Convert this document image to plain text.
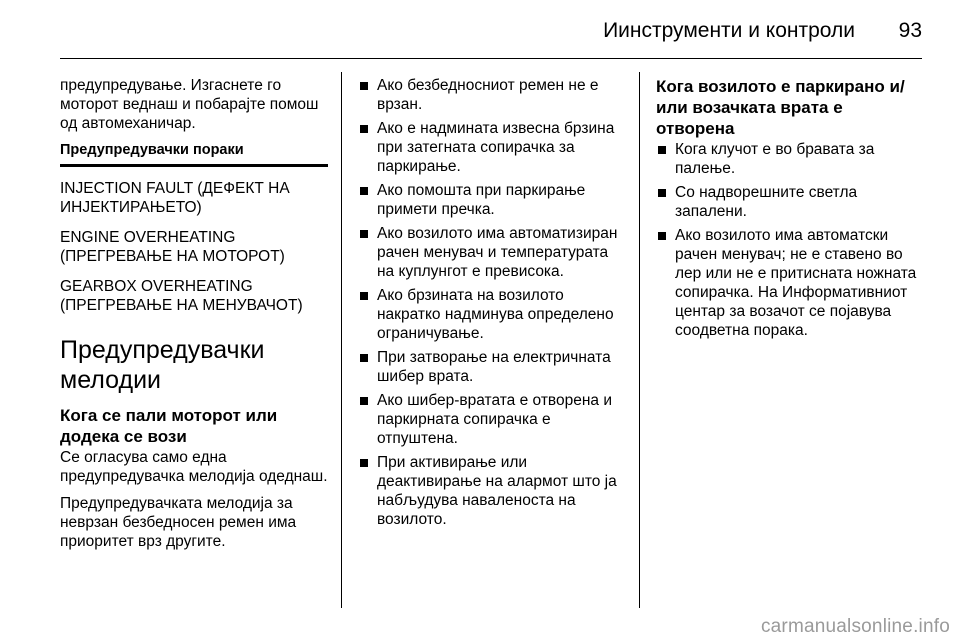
Иинструменти и контроли 93

предупредување. Изгаснете го моторот веднаш и побарајте помош од автомеханичар.

Предупредувачки пораки
INJECTION FAULT (ДЕФЕКТ НА ИНЈЕКТИРАЊЕТО)
ENGINE OVERHEATING (ПРЕГРЕВАЊЕ НА МОТОРОТ)
GEARBOX OVERHEATING (ПРЕГРЕВАЊЕ НА МЕНУВАЧОТ)
Предупредувачки мелодии
Кога се пали моторот или додека се вози

Се огласува само една предупредувачка мелодија одеднаш.

Предупредувачката мелодија за неврзан безбедносен ремен има приоритет врз другите.

Ако безбедносниот ремен не е врзан.
Ако е надмината извесна брзина при затегната сопирачка за паркирање.
Ако помошта при паркирање примети пречка.
Ако возилото има автоматизиран рачен менувач и температурата на куплунгот е превисока.
Ако брзината на возилото накратко надминува определено ограничување.
При затворање на електричната шибер врата.
Ако шибер-вратата е отворена и паркирната сопирачка е отпуштена.
При активирање или деактивирање на алармот што ја набљудува наваленоста на возилото.
Кога возилото е паркирано и/или возачката врата е отворена
Кога клучот е во бравата за палење.
Со надворешните светла запалени.
Ако возилото има автоматски рачен менувач; не е ставено во лер или не е притисната ножната сопирачка. На Информативниот центар за возачот се појавува соодветна порака.
carmanualsonline.info
